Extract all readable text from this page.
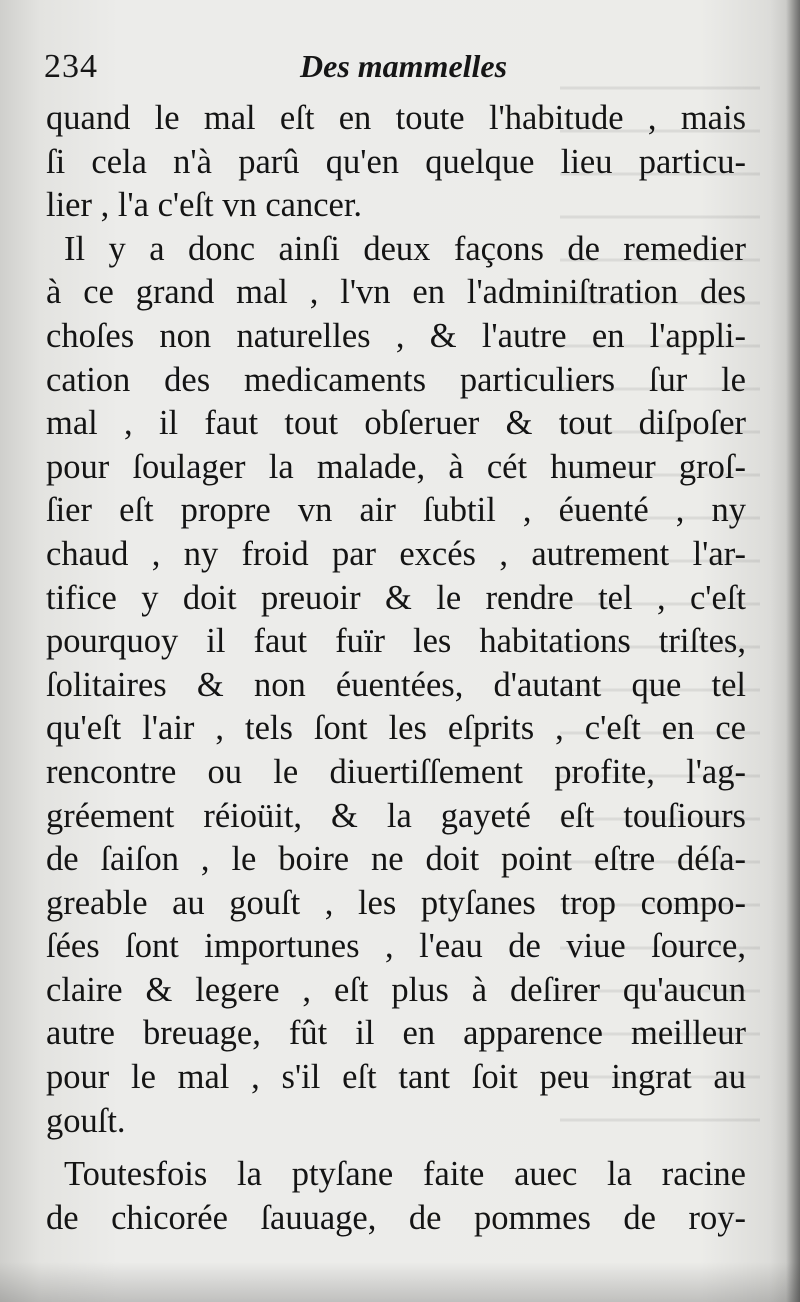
234	Des mammelles
quand le mal eſt en toute l'habitude , mais
ſi cela n'à parû qu'en quelque lieu particu-
lier , l'a c'eſt vn cancer.
Il y a donc ainſi deux façons de remedier
à ce grand mal , l'vn en l'adminiſtration des
choſes non naturelles , & l'autre en l'appli-
cation des medicaments particuliers ſur le
mal , il faut tout obſeruer & tout diſpoſer
pour ſoulager la malade, à cét humeur groſ-
ſier eſt propre vn air ſubtil , éuenté , ny
chaud , ny froid par excés , autrement l'ar-
tifice y doit preuoir & le rendre tel , c'eſt
pourquoy il faut fuïr les habitations triſtes,
ſolitaires & non éuentées, d'autant que tel
qu'eſt l'air , tels ſont les eſprits , c'eſt en ce
rencontre ou le diuertiſſement profite, l'ag-
gréement réioüit, & la gayeté eſt touſiours
de ſaiſon , le boire ne doit point eſtre déſa-
greable au gouſt , les ptyſanes trop compo-
ſées ſont importunes , l'eau de viue ſource,
claire & legere , eſt plus à deſirer qu'aucun
autre breuage, fût il en apparence meilleur
pour le mal , s'il eſt tant ſoit peu ingrat au
gouſt.
Toutesfois la ptyſane faite auec la racine
de chicorée ſauuage, de pommes de roy-
